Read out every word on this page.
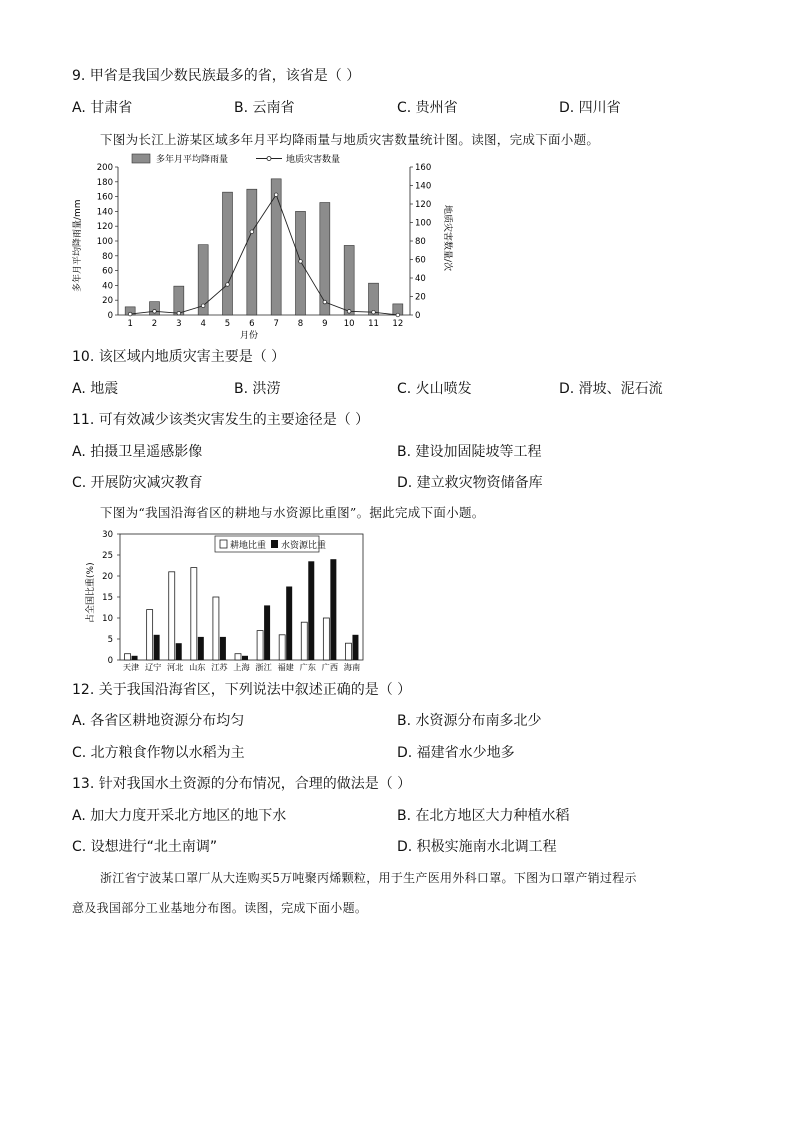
9. 甲省是我国少数民族最多的省，该省是（ ）
A. 甘肃省	B. 云南省	C. 贵州省	D. 四川省
下图为长江上游某区域多年月平均降雨量与地质灾害数量统计图。读图，完成下面小题。
0
20
40
60
80
100
120
140
160
180
200
0
20
40
60
80
100
120
140
160
1 2 3 4 5 6 7 8 9 10 11 12
多年月平均降雨量	地质灾害数量
多年月平均降雨量/mm	地质灾害数量/次
月份
10. 该区域内地质灾害主要是（ ）
A. 地震	B. 洪涝	C. 火山喷发	D. 滑坡、泥石流
11. 可有效减少该类灾害发生的主要途径是（ ）
A. 拍摄卫星遥感影像	B. 建设加固陡坡等工程
C. 开展防灾减灾教育	D. 建立救灾物资储备库
下图为“我国沿海省区的耕地与水资源比重图”。据此完成下面小题。
0
5
10
15
20
25
30
天津 辽宁 河北 山东 江苏 上海 浙江 福建 广东 广西 海南
耕地比重 水资源比重
占全国比重(%)
12. 关于我国沿海省区，下列说法中叙述正确的是（ ）
A. 各省区耕地资源分布均匀	B. 水资源分布南多北少
C. 北方粮食作物以水稻为主	D. 福建省水少地多
13. 针对我国水土资源的分布情况，合理的做法是（ ）
A. 加大力度开采北方地区的地下水	B. 在北方地区大力种植水稻
C. 设想进行“北土南调”	D. 积极实施南水北调工程
浙江省宁波某口罩厂从大连购买5万吨聚丙烯颗粒，用于生产医用外科口罩。下图为口罩产销过程示
意及我国部分工业基地分布图。读图，完成下面小题。
